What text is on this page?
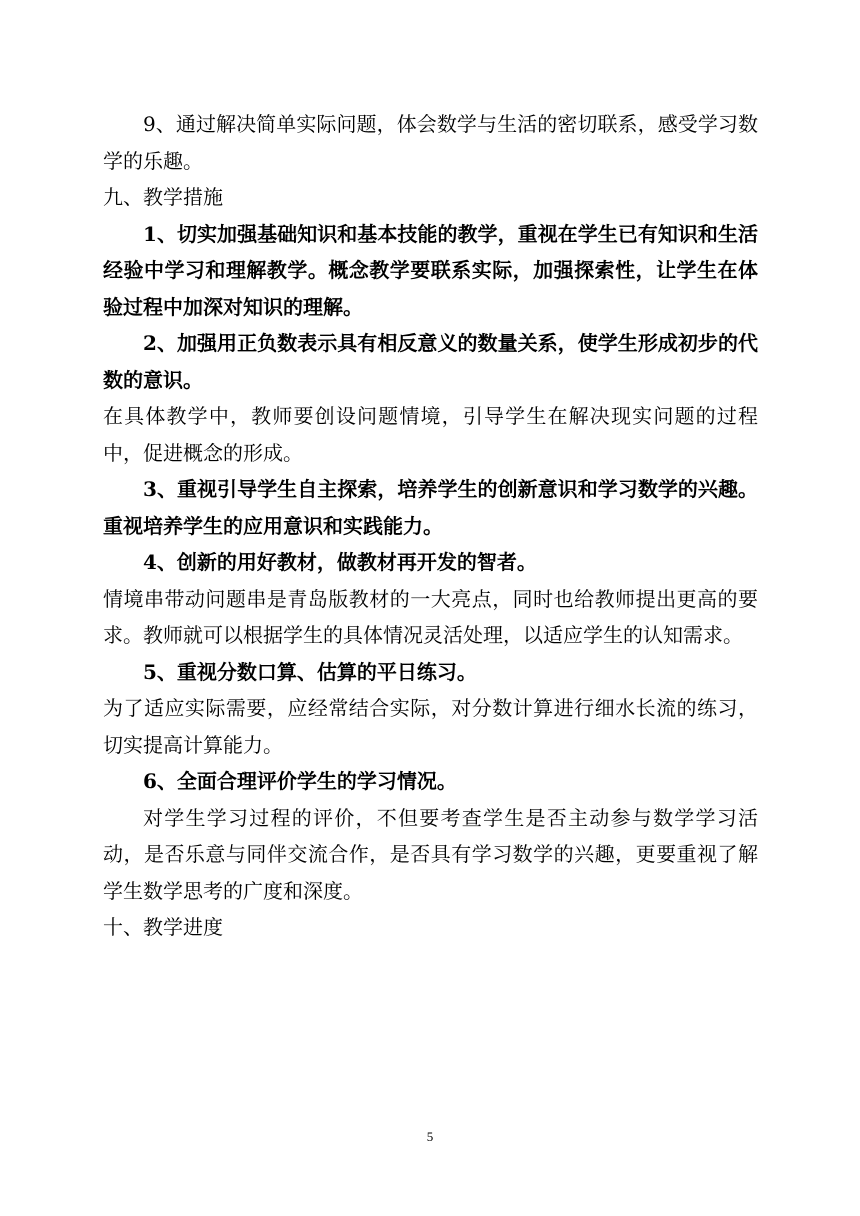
9、通过解决简单实际问题，体会数学与生活的密切联系，感受学习数学的乐趣。

九、教学措施

1、切实加强基础知识和基本技能的教学，重视在学生已有知识和生活经验中学习和理解教学。概念教学要联系实际，加强探索性，让学生在体验过程中加深对知识的理解。

2、加强用正负数表示具有相反意义的数量关系，使学生形成初步的代数的意识。

在具体教学中，教师要创设问题情境，引导学生在解决现实问题的过程中，促进概念的形成。

3、重视引导学生自主探索，培养学生的创新意识和学习数学的兴趣。重视培养学生的应用意识和实践能力。

4、创新的用好教材，做教材再开发的智者。

情境串带动问题串是青岛版教材的一大亮点，同时也给教师提出更高的要求。教师就可以根据学生的具体情况灵活处理，以适应学生的认知需求。

5、重视分数口算、估算的平日练习。

为了适应实际需要，应经常结合实际，对分数计算进行细水长流的练习，切实提高计算能力。

6、全面合理评价学生的学习情况。

对学生学习过程的评价，不但要考查学生是否主动参与数学学习活动，是否乐意与同伴交流合作，是否具有学习数学的兴趣，更要重视了解学生数学思考的广度和深度。

十、教学进度

5
